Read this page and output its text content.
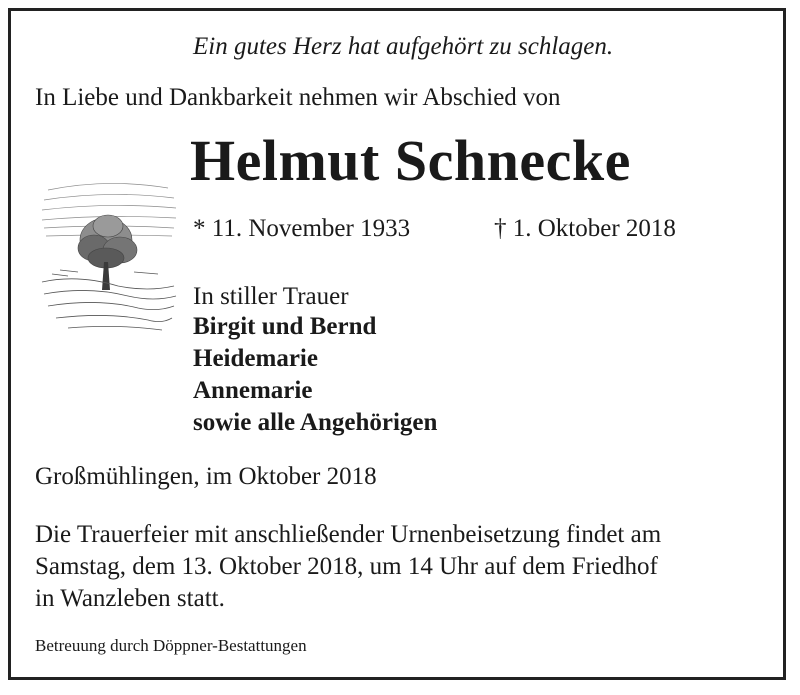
Ein gutes Herz hat aufgehört zu schlagen.
In Liebe und Dankbarkeit nehmen wir Abschied von
Helmut Schnecke
* 11. November 1933	† 1. Oktober 2018
In stiller Trauer
Birgit und Bernd
Heidemarie
Annemarie
sowie alle Angehörigen
Großmühlingen, im Oktober 2018
Die Trauerfeier mit anschließender Urnenbeisetzung findet am
Samstag, dem 13. Oktober 2018, um 14 Uhr auf dem Friedhof
in Wanzleben statt.
Betreuung durch Döppner-Bestattungen
